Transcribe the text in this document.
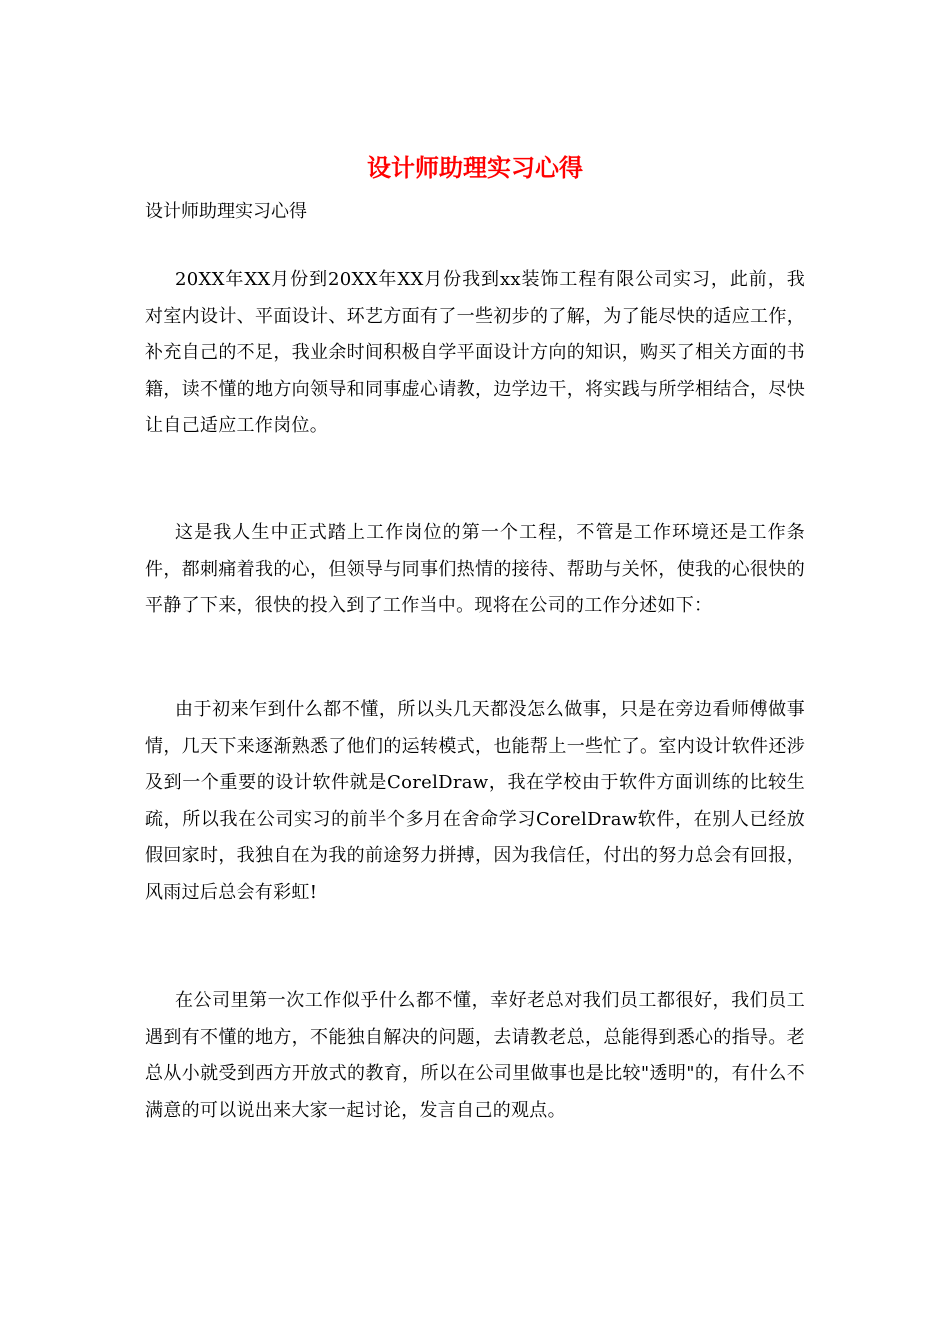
设计师助理实习心得

设计师助理实习心得

20XX年XX月份到20XX年XX月份我到xx装饰工程有限公司实习，此前，我对室内设计、平面设计、环艺方面有了一些初步的了解，为了能尽快的适应工作，补充自己的不足，我业余时间积极自学平面设计方向的知识，购买了相关方面的书籍，读不懂的地方向领导和同事虚心请教，边学边干，将实践与所学相结合，尽快让自己适应工作岗位。

这是我人生中正式踏上工作岗位的第一个工程，不管是工作环境还是工作条件，都刺痛着我的心，但领导与同事们热情的接待、帮助与关怀，使我的心很快的平静了下来，很快的投入到了工作当中。现将在公司的工作分述如下：

由于初来乍到什么都不懂，所以头几天都没怎么做事，只是在旁边看师傅做事情，几天下来逐渐熟悉了他们的运转模式，也能帮上一些忙了。室内设计软件还涉及到一个重要的设计软件就是CorelDraw，我在学校由于软件方面训练的比较生疏，所以我在公司实习的前半个多月在舍命学习CorelDraw软件，在别人已经放假回家时，我独自在为我的前途努力拼搏，因为我信任，付出的努力总会有回报，风雨过后总会有彩虹!

在公司里第一次工作似乎什么都不懂，幸好老总对我们员工都很好，我们员工遇到有不懂的地方，不能独自解决的问题，去请教老总，总能得到悉心的指导。老总从小就受到西方开放式的教育，所以在公司里做事也是比较"透明"的，有什么不满意的可以说出来大家一起讨论，发言自己的观点。
